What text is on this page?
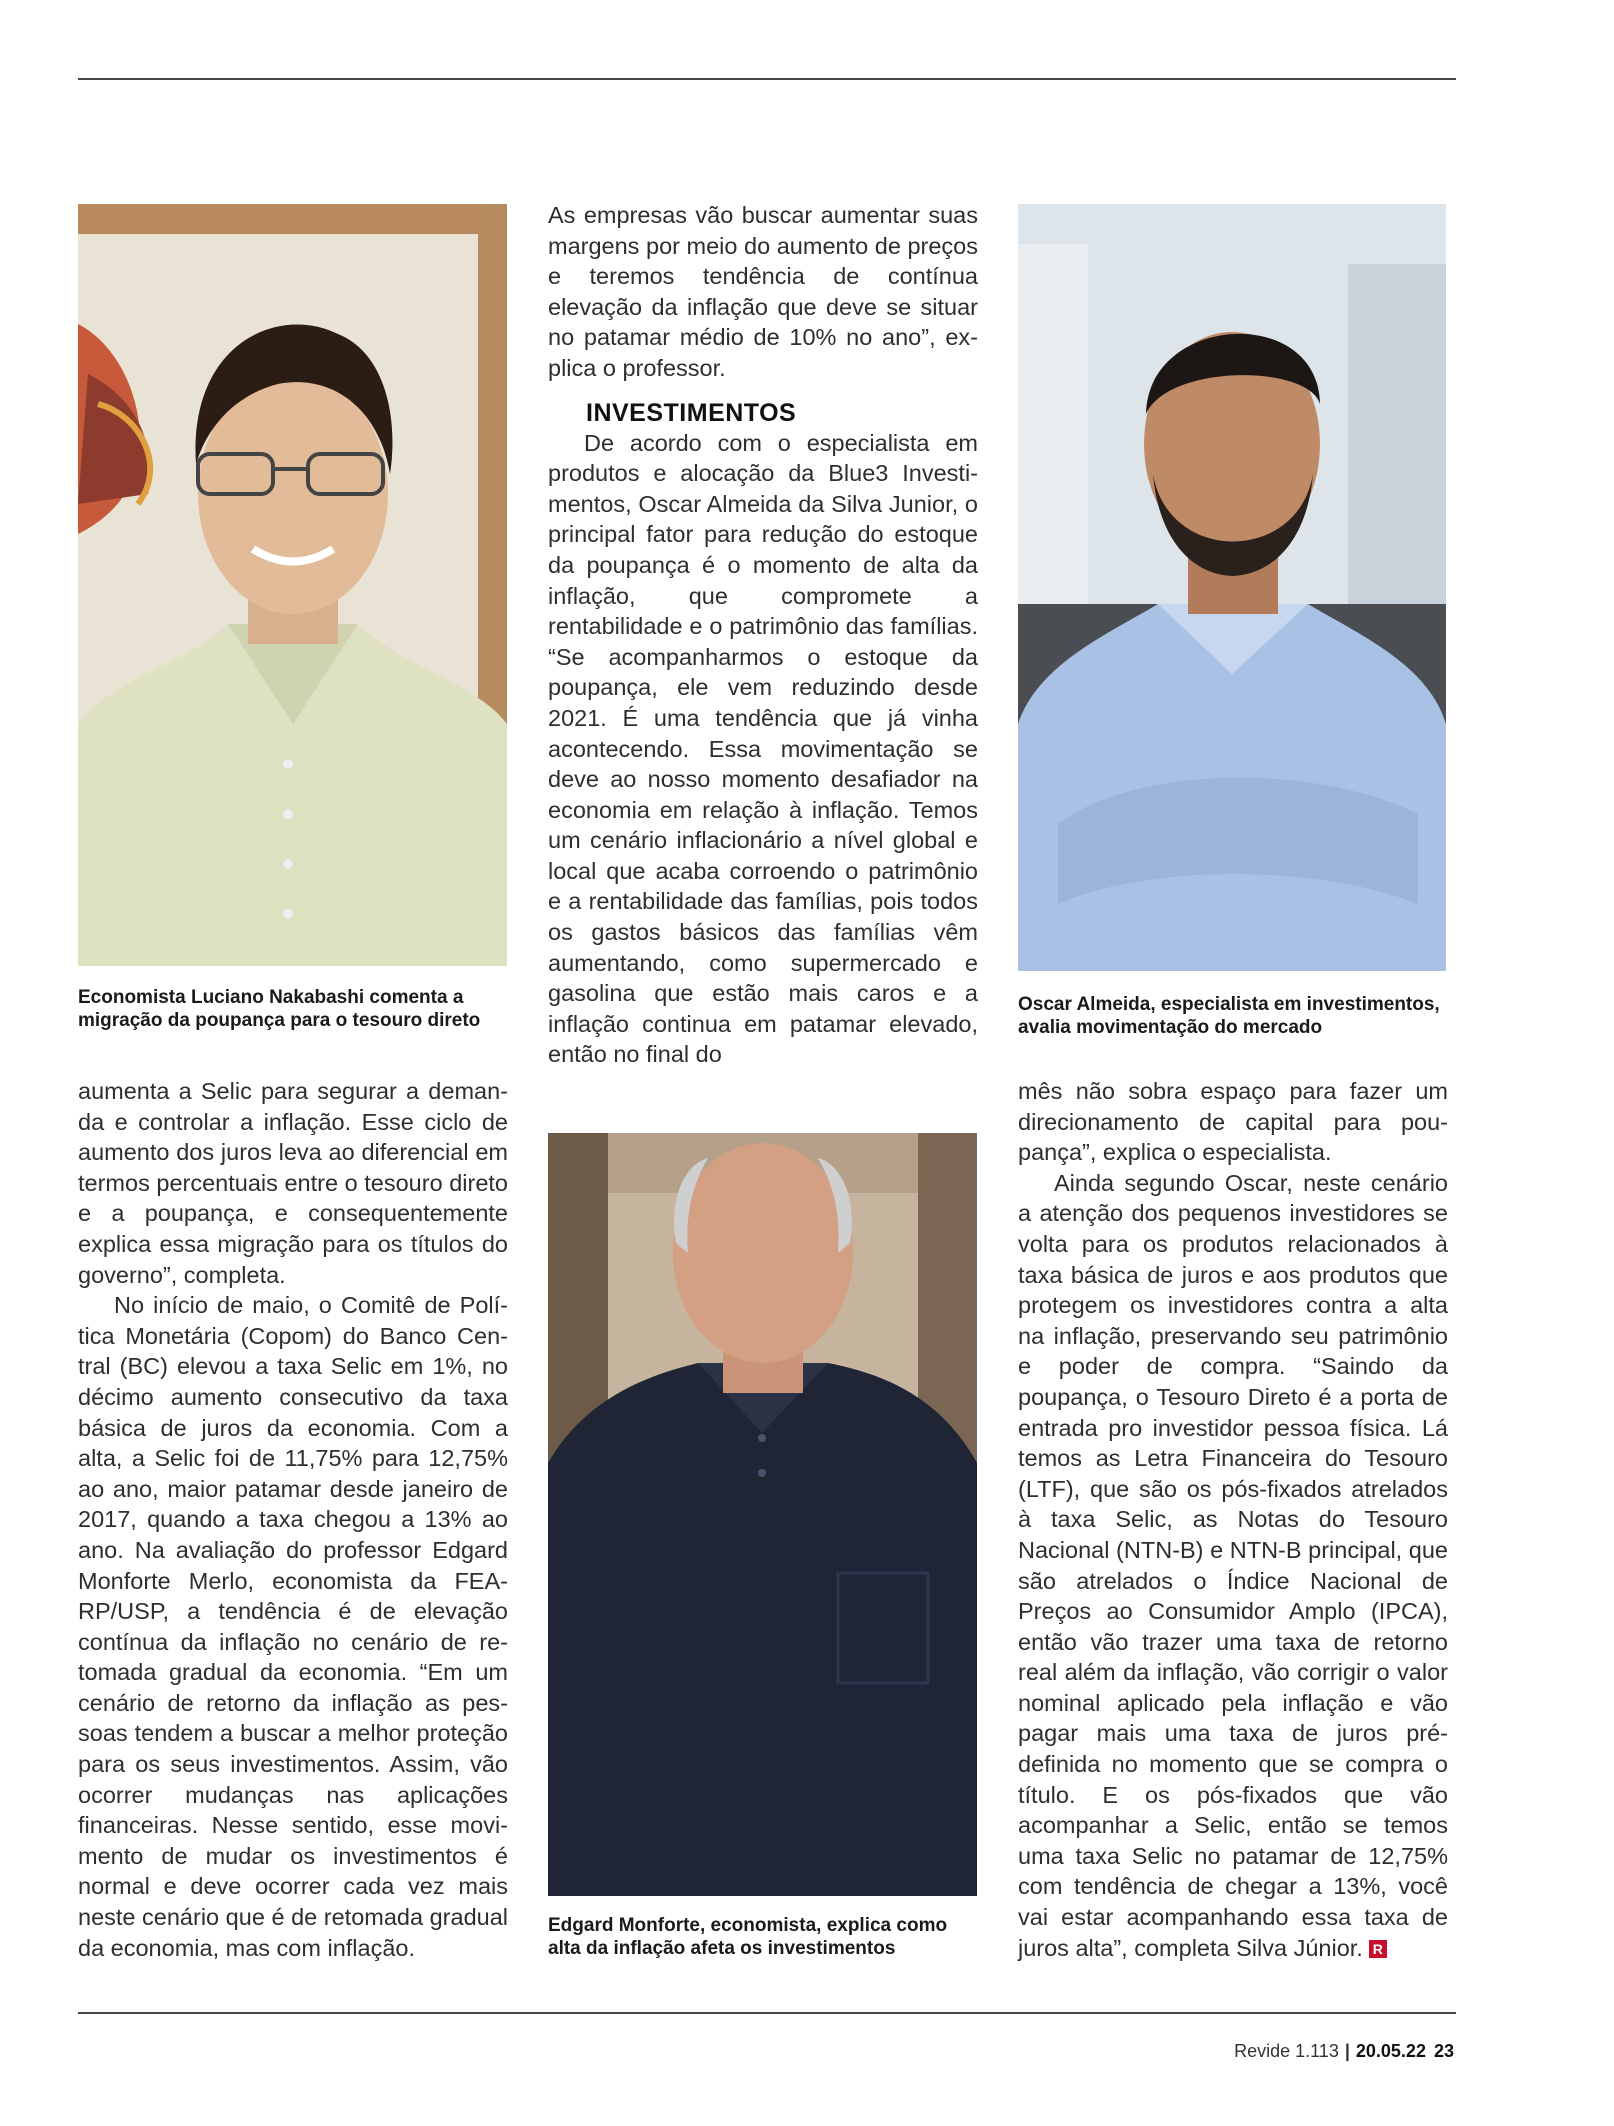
Economista Luciano Nakabashi comenta a
migração da poupança para o tesouro direto
Oscar Almeida, especialista em investimentos,
avalia movimentação do mercado
Edgard Monforte, economista, explica como
alta da inflação afeta os investimentos

As empresas vão buscar aumentar suas margens por meio do aumento de preços e teremos tendência de contínua elevação da inflação que deve se situar no patamar médio de 10% no ano”, explica o professor.

INVESTIMENTOS

De acordo com o especialista em produtos e alocação da Blue3 Investimentos, Oscar Almeida da Silva Junior, o principal fator para redução do estoque da poupança é o momento de alta da inflação, que compromete a rentabilidade e o patrimônio das famílias. “Se acompanharmos o estoque da poupança, ele vem reduzindo desde 2021. É uma tendência que já vinha acontecendo. Essa movimentação se deve ao nosso momento desafiador na economia em relação à inflação. Temos um cenário inflacionário a nível global e local que acaba corroendo o patrimônio e a rentabilidade das famílias, pois todos os gastos básicos das famílias vêm aumentando, como supermercado e gasolina que estão mais caros e a inflação continua em patamar elevado, então no final do

aumenta a Selic para segurar a demanda e controlar a inflação. Esse ciclo de aumento dos juros leva ao diferencial em termos percentuais entre o tesouro direto e a poupança, e consequentemente explica essa migração para os títulos do governo”, completa.

No início de maio, o Comitê de Política Monetária (Copom) do Banco Central (BC) elevou a taxa Selic em 1%, no décimo aumento consecutivo da taxa básica de juros da economia. Com a alta, a Selic foi de 11,75% para 12,75% ao ano, maior patamar desde janeiro de 2017, quando a taxa chegou a 13% ao ano. Na avaliação do professor Edgard Monforte Merlo, economista da FEA-RP/USP, a tendência é de elevação contínua da inflação no cenário de retomada gradual da economia. “Em um cenário de retorno da inflação as pessoas tendem a buscar a melhor proteção para os seus investimentos. Assim, vão ocorrer mudanças nas aplicações financeiras. Nesse sentido, esse movimento de mudar os investimentos é normal e deve ocorrer cada vez mais neste cenário que é de retomada gradual da economia, mas com inflação.

mês não sobra espaço para fazer um direcionamento de capital para poupança”, explica o especialista.

Ainda segundo Oscar, neste cenário a atenção dos pequenos investidores se volta para os produtos relacionados à taxa básica de juros e aos produtos que protegem os investidores contra a alta na inflação, preservando seu patrimônio e poder de compra. “Saindo da poupança, o Tesouro Direto é a porta de entrada pro investidor pessoa física. Lá temos as Letra Financeira do Tesouro (LTF), que são os pós-fixados atrelados à taxa Selic, as Notas do Tesouro Nacional (NTN-B) e NTN-B principal, que são atrelados o Índice Nacional de Preços ao Consumidor Amplo (IPCA), então vão trazer uma taxa de retorno real além da inflação, vão corrigir o valor nominal aplicado pela inflação e vão pagar mais uma taxa de juros pré-definida no momento que se compra o título. E os pós-fixados que vão acompanhar a Selic, então se temos uma taxa Selic no patamar de 12,75% com tendência de chegar a 13%, você vai estar acompanhando essa taxa de juros alta”, completa Silva Júnior. R

Revide 1.113 | 20.05.22 23
